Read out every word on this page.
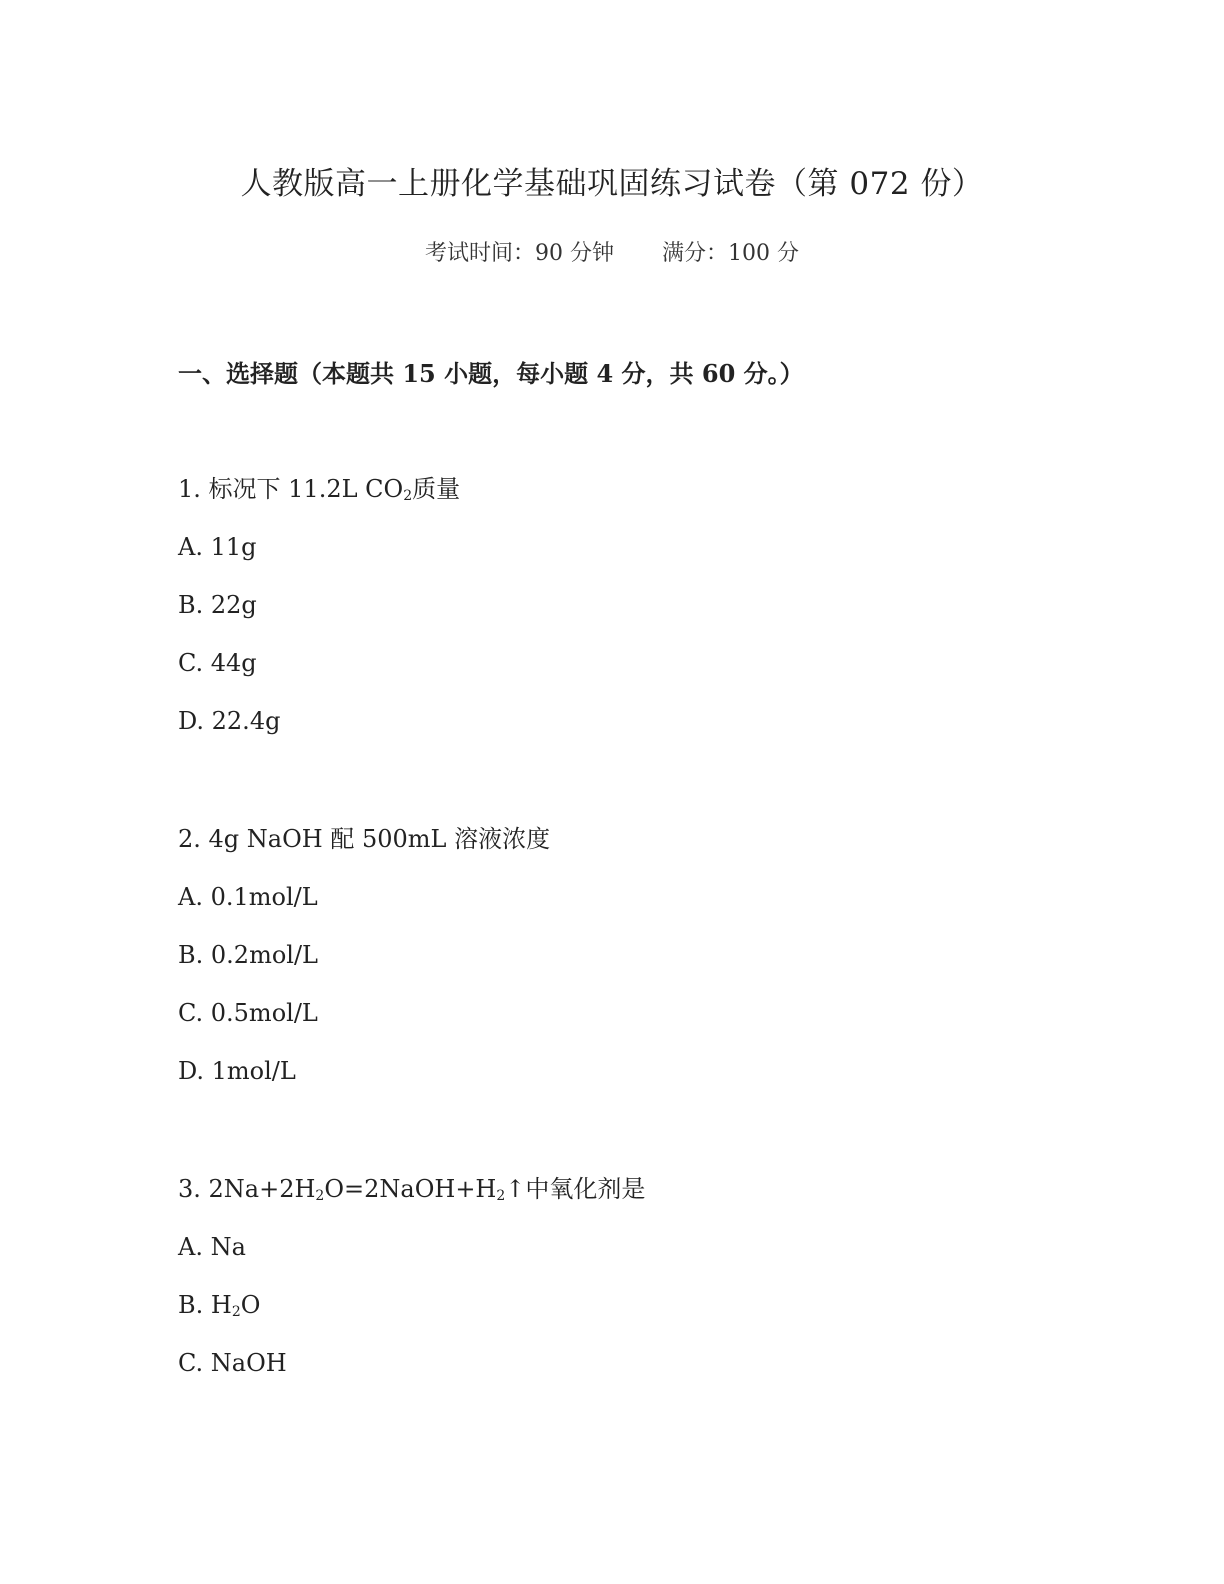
人教版高一上册化学基础巩固练习试卷（第 072 份）
考试时间：90 分钟 满分：100 分
一、选择题（本题共 15 小题，每小题 4 分，共 60 分。）
1. 标况下 11.2L $CO_2$质量
A. 11g
B. 22g
C. 44g
D. 22.4g
2. 4g NaOH 配 500mL 溶液浓度
A. 0.1mol/L
B. 0.2mol/L
C. 0.5mol/L
D. 1mol/L
3. $2Na+2H_2O=2NaOH+H_2↑$中氧化剂是
A. Na
B. $H_2O$
C. NaOH
